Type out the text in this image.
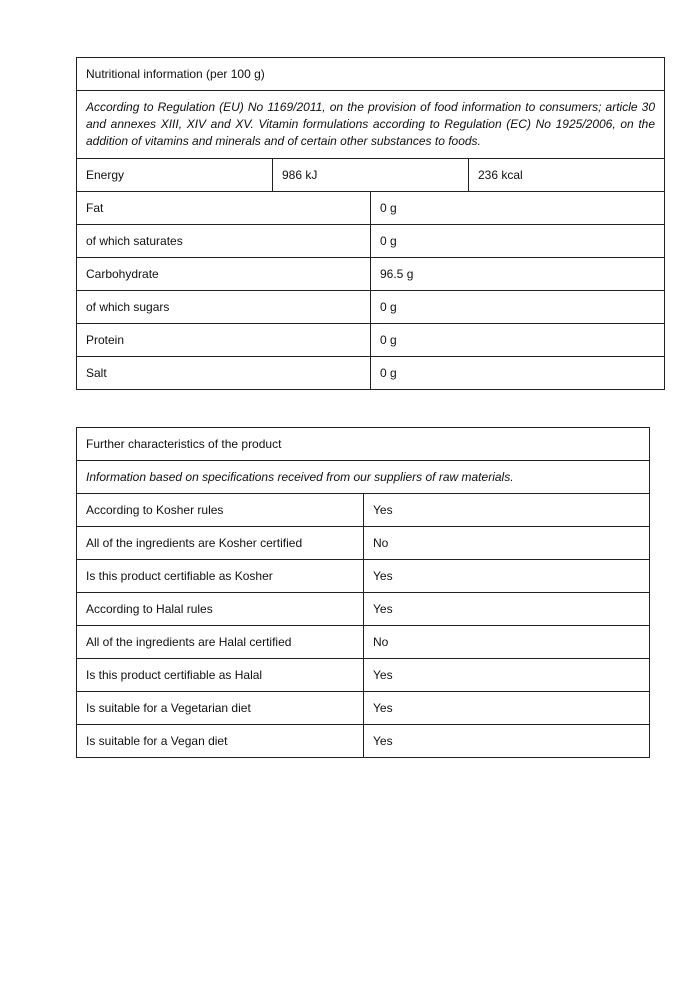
Nutritional information (per 100 g)			
According to Regulation (EU) No 1169/2011, on the provision of food information to consumers; article 30 and annexes XIII, XIV and XV. Vitamin formulations according to Regulation (EC) No 1925/2006, on the addition of vitamins and minerals and of certain other substances to foods.			
Energy	986 kJ		236 kcal
Fat		0 g	
of which saturates		0 g	
Carbohydrate		96.5 g	
of which sugars		0 g	
Protein		0 g	
Salt		0 g	
Further characteristics of the product	
Information based on specifications received from our suppliers of raw materials.	
According to Kosher rules	Yes
All of the ingredients are Kosher certified	No
Is this product certifiable as Kosher	Yes
According to Halal rules	Yes
All of the ingredients are Halal certified	No
Is this product certifiable as Halal	Yes
Is suitable for a Vegetarian diet	Yes
Is suitable for a Vegan diet	Yes
